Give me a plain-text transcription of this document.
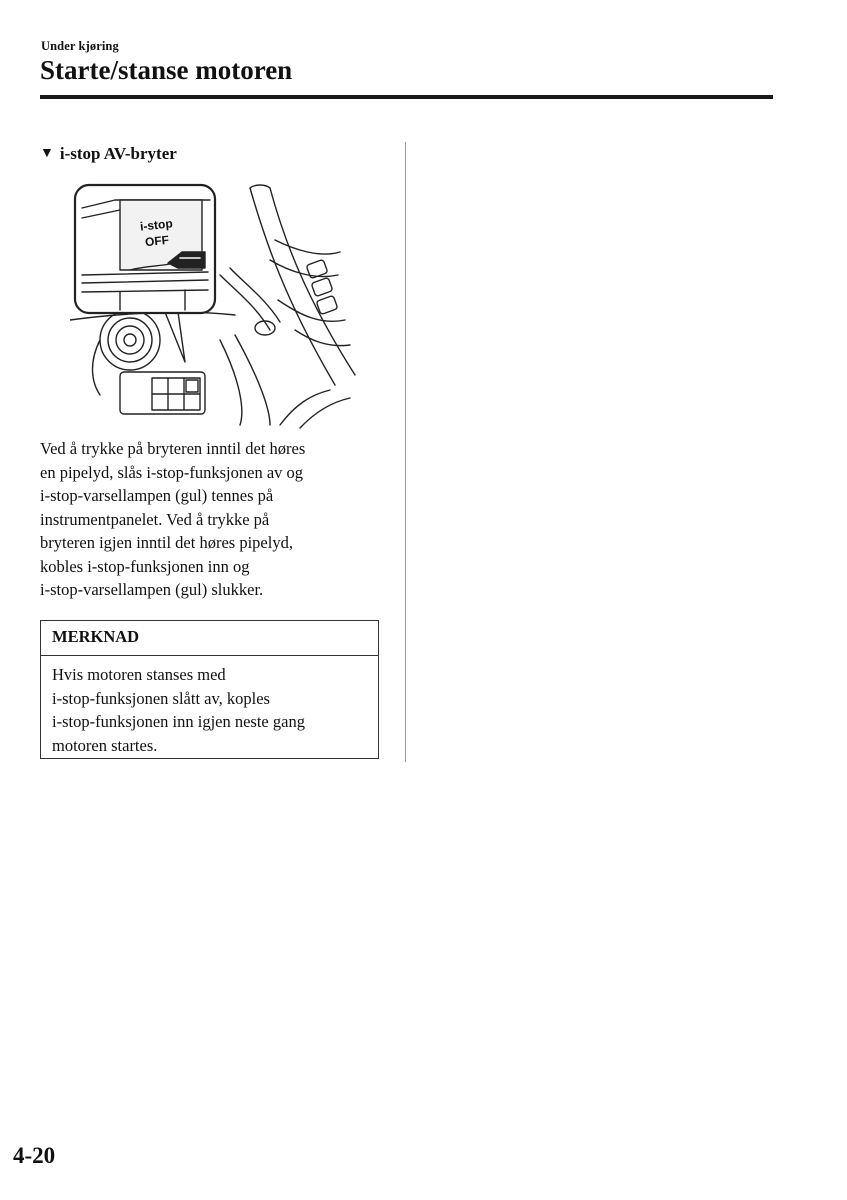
Under kjøring
Starte/stanse motoren
▼ i-stop AV-bryter
i-stop
OFF

Ved å trykke på bryteren inntil det høres
en pipelyd, slås i-stop-funksjonen av og
i-stop-varsellampen (gul) tennes på
instrumentpanelet. Ved å trykke på
bryteren igjen inntil det høres pipelyd,
kobles i-stop-funksjonen inn og
i-stop-varsellampen (gul) slukker.

MERKNAD

Hvis motoren stanses med
i-stop-funksjonen slått av, koples
i-stop-funksjonen inn igjen neste gang
motoren startes.

4-20
